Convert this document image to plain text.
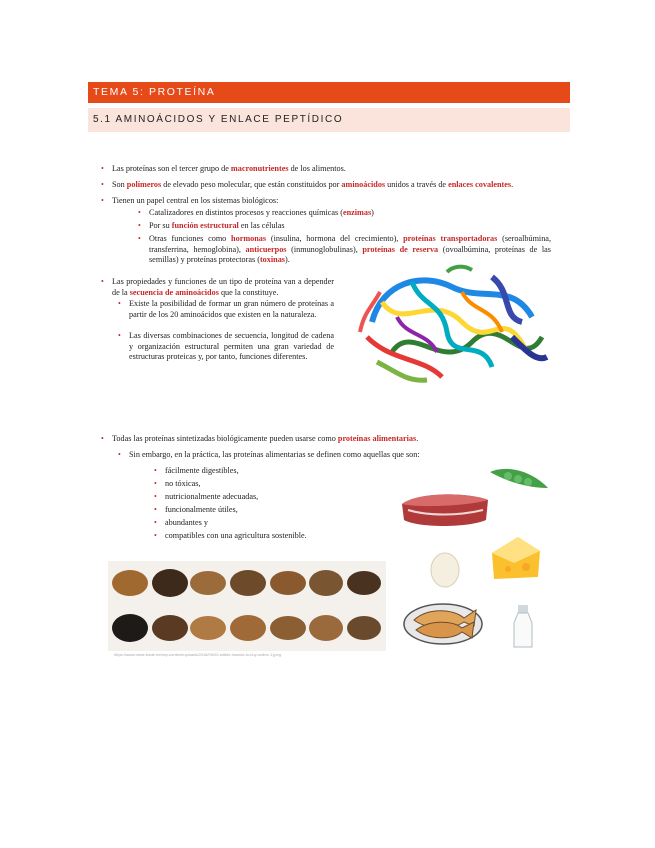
TEMA 5: PROTEÍNA
5.1 AMINOÁCIDOS Y ENLACE PEPTÍDICO
• Las proteínas son el tercer grupo de macronutrientes de los alimentos.
• Son polímeros de elevado peso molecular, que están constituidos por aminoácidos unidos a través de enlaces covalentes.
• Tienen un papel central en los sistemas biológicos:
• Catalizadores en distintos procesos y reacciones químicas (enzimas)
• Por su función estructural en las células
• Otras funciones como hormonas (insulina, hormona del crecimiento), proteínas transportadoras (seroalbúmina, transferrina, hemoglobina), anticuerpos (inmunoglobulinas), proteínas de reserva (ovoalbúmina, proteínas de las semillas) y proteínas protectoras (toxinas).
• Las propiedades y funciones de un tipo de proteína van a depender de la secuencia de aminoácidos que la constituye.
• Existe la posibilidad de formar un gran número de proteínas a partir de los 20 aminoácidos que existen en la naturaleza.
• Las diversas combinaciones de secuencia, longitud de cadena y organización estructural permiten una gran variedad de estructuras proteicas y, por tanto, funciones diferentes.
• Todas las proteínas sintetizadas biológicamente pueden usarse como proteínas alimentarias.
• Sin embargo, en la práctica, las proteínas alimentarias se definen como aquellas que son:
• fácilmente digestibles,
• no tóxicas,
• nutricionalmente adecuadas,
• funcionalmente útiles,
• abundantes y
• compatibles con una agricultura sostenible.
https://www.meat-trade.net/wp-content/uploads/2016/09/20-edible-insects-to-buy-online-1.jpeg
